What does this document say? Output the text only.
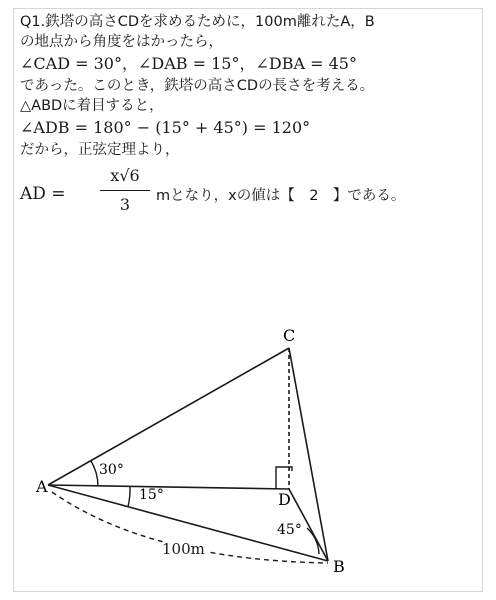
Q1.鉄塔の高さCDを求めるために，100m離れたA，B
の地点から角度をはかったら，
∠CAD = 30°，∠DAB = 15°，∠DBA = 45°
であった。このとき，鉄塔の高さCDの長さを考える。
△ABDに着目すると，
∠ADB = 180° − (15° + 45°) = 120°
だから，正弦定理より，
AD =
x√6
3	mとなり，xの値は【　2　】である。
A
B
C
D
30°
15°
45°
100m
